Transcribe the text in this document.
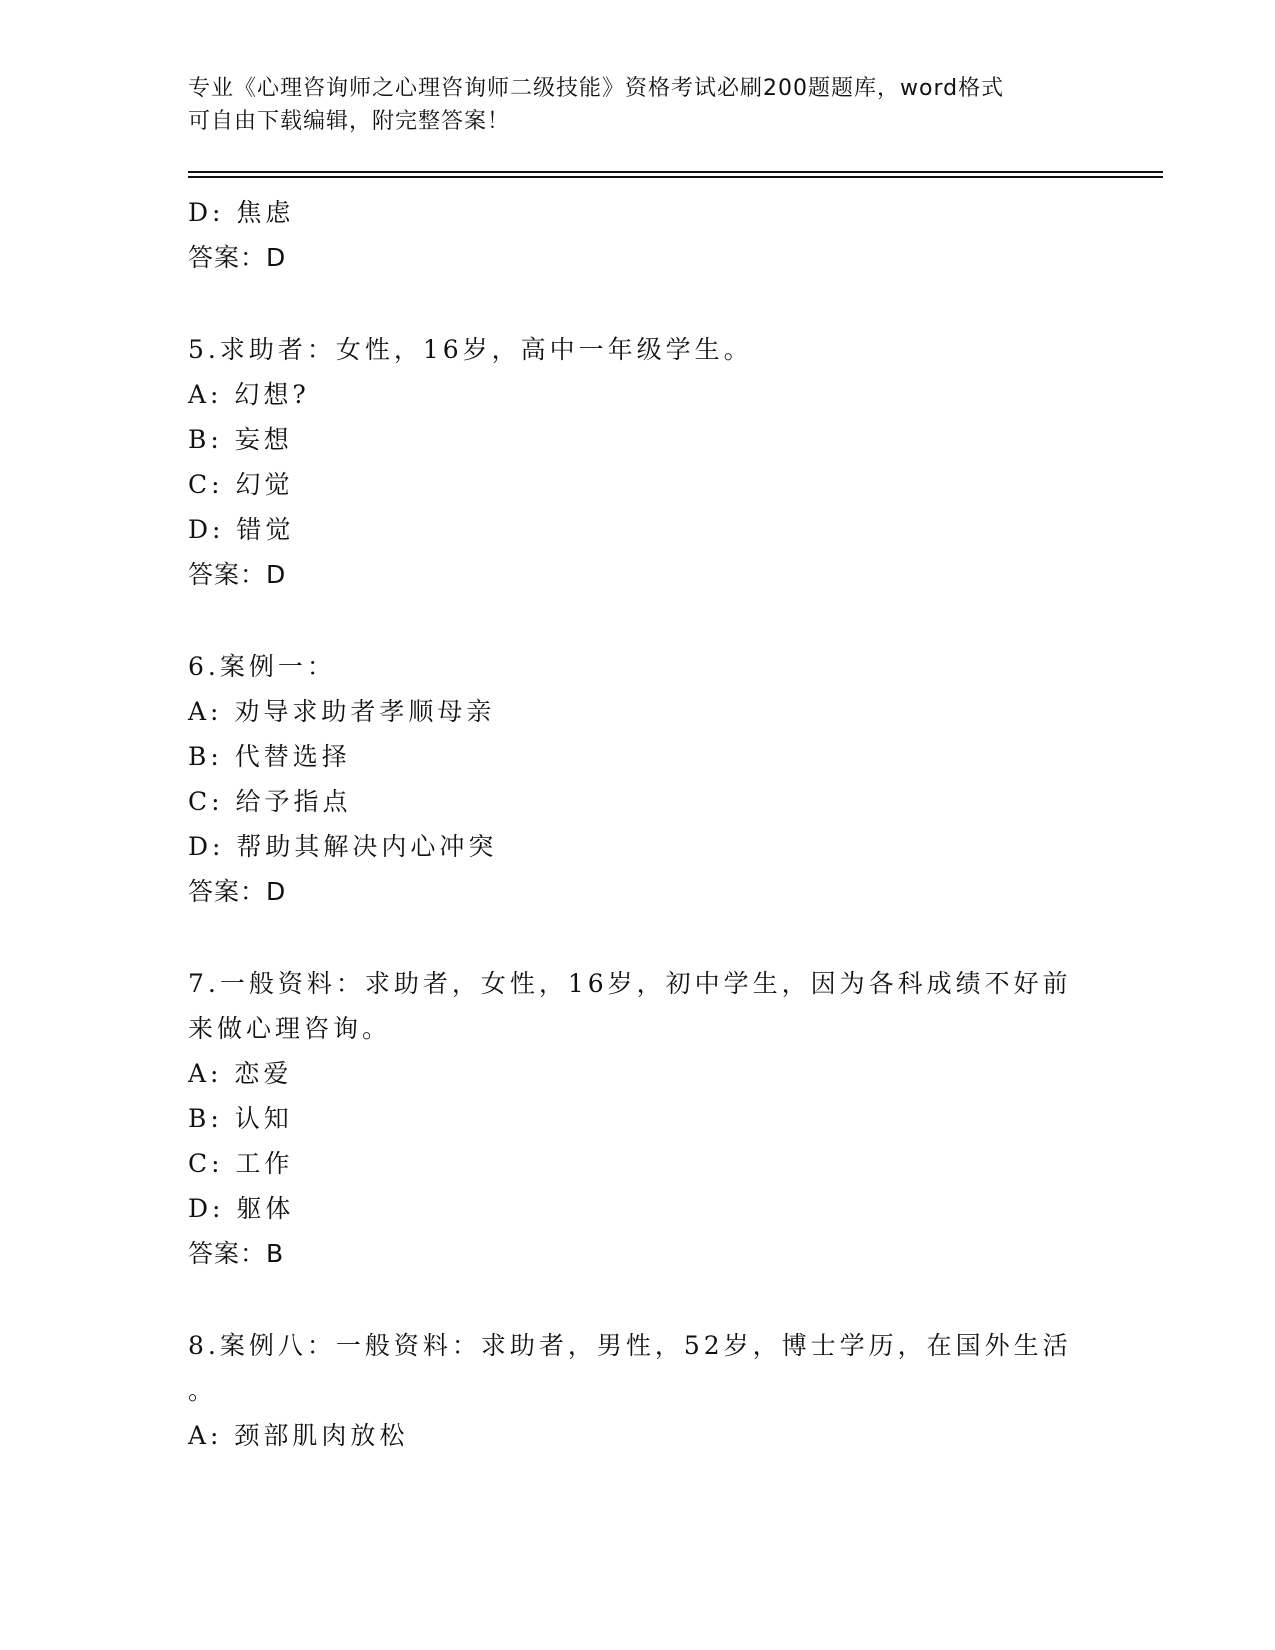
专业《心理咨询师之心理咨询师二级技能》资格考试必刷200题题库，word格式
可自由下载编辑，附完整答案！
D: 焦虑
答案：D
5.求助者：女性，16岁，高中一年级学生。
A: 幻想?
B: 妄想
C: 幻觉
D: 错觉
答案：D
6.案例一：
A: 劝导求助者孝顺母亲
B: 代替选择
C: 给予指点
D: 帮助其解决内心冲突
答案：D
7.一般资料：求助者，女性，16岁，初中学生，因为各科成绩不好前
来做心理咨询。
A: 恋爱
B: 认知
C: 工作
D: 躯体
答案：B
8.案例八：一般资料：求助者，男性，52岁，博士学历，在国外生活
。
A: 颈部肌肉放松
